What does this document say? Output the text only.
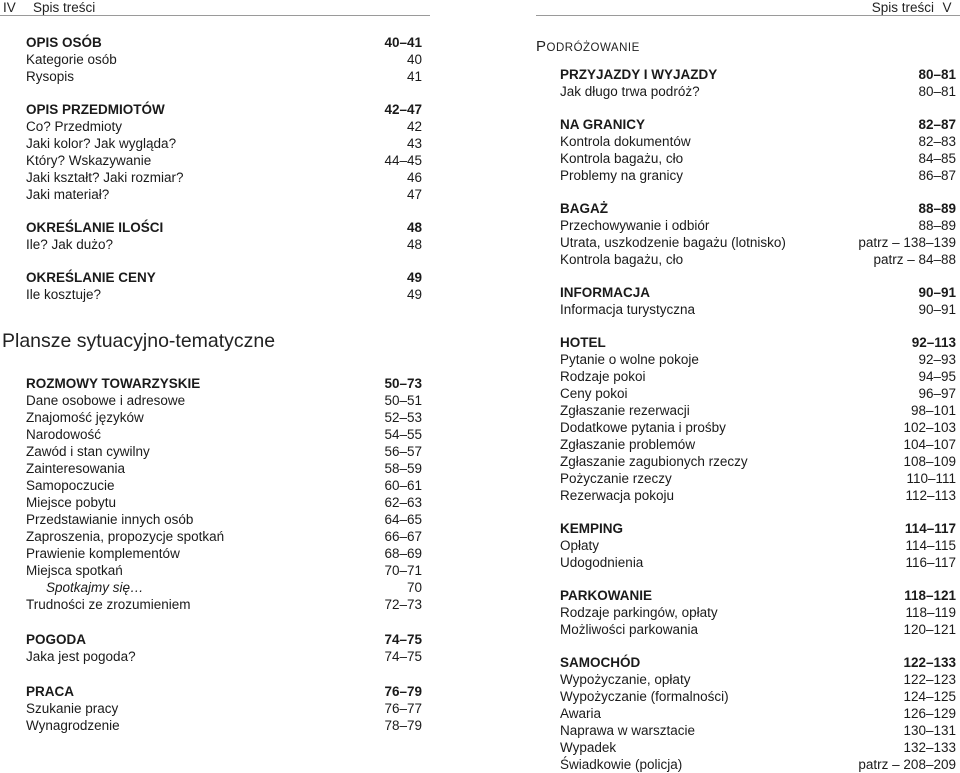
IV Spis treści	Spis treści V
OPIS OSÓB	40–41
Kategorie osób	40
Rysopis	41
OPIS PRZEDMIOTÓW	42–47
Co? Przedmioty	42
Jaki kolor? Jak wygląda?	43
Który? Wskazywanie	44–45
Jaki kształt? Jaki rozmiar?	46
Jaki materiał?	47
OKREŚLANIE ILOŚCI	48
Ile? Jak dużo?	48
OKREŚLANIE CENY	49
Ile kosztuje?	49
Plansze sytuacyjno-tematyczne
ROZMOWY TOWARZYSKIE	50–73
Dane osobowe i adresowe	50–51
Znajomość języków	52–53
Narodowość	54–55
Zawód i stan cywilny	56–57
Zainteresowania	58–59
Samopoczucie	60–61
Miejsce pobytu	62–63
Przedstawianie innych osób	64–65
Zaproszenia, propozycje spotkań	66–67
Prawienie komplementów	68–69
Miejsca spotkań	70–71
Spotkajmy się…	70
Trudności ze zrozumieniem	72–73
POGODA	74–75
Jaka jest pogoda?	74–75
PRACA	76–79
Szukanie pracy	76–77
Wynagrodzenie	78–79
PODRÓŻOWANIE
PRZYJAZDY I WYJAZDY	80–81
Jak długo trwa podróż?	80–81
NA GRANICY	82–87
Kontrola dokumentów	82–83
Kontrola bagażu, cło	84–85
Problemy na granicy	86–87
BAGAŻ	88–89
Przechowywanie i odbiór	88–89
Utrata, uszkodzenie bagażu (lotnisko)	patrz – 138–139
Kontrola bagażu, cło	patrz – 84–88
INFORMACJA	90–91
Informacja turystyczna	90–91
HOTEL	92–113
Pytanie o wolne pokoje	92–93
Rodzaje pokoi	94–95
Ceny pokoi	96–97
Zgłaszanie rezerwacji	98–101
Dodatkowe pytania i prośby	102–103
Zgłaszanie problemów	104–107
Zgłaszanie zagubionych rzeczy	108–109
Pożyczanie rzeczy	110–111
Rezerwacja pokoju	112–113
KEMPING	114–117
Opłaty	114–115
Udogodnienia	116–117
PARKOWANIE	118–121
Rodzaje parkingów, opłaty	118–119
Możliwości parkowania	120–121
SAMOCHÓD	122–133
Wypożyczanie, opłaty	122–123
Wypożyczanie (formalności)	124–125
Awaria	126–129
Naprawa w warsztacie	130–131
Wypadek	132–133
Świadkowie (policja)	patrz – 208–209
